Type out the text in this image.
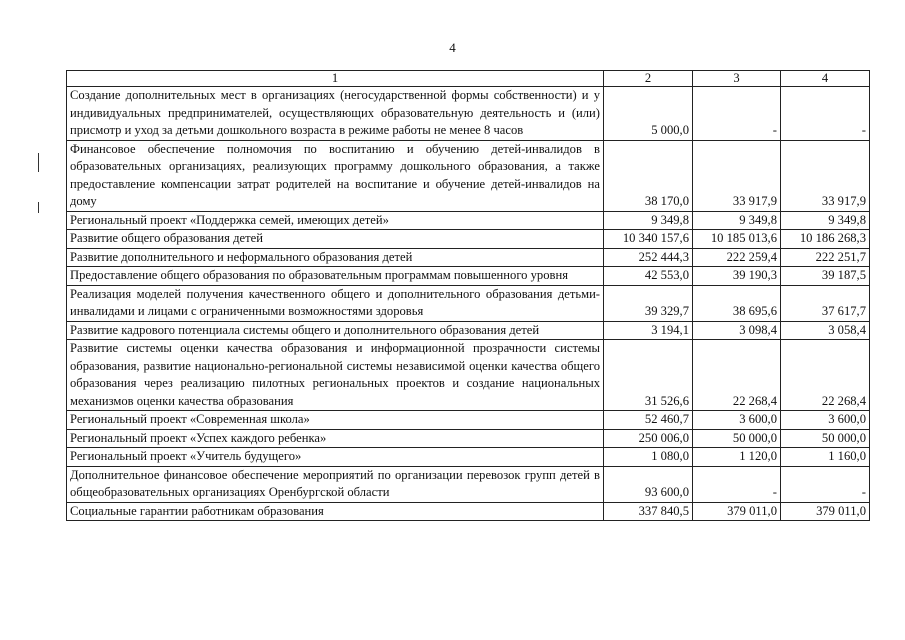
4
1	2	3	4
Создание дополнительных мест в организациях (негосударственной формы собственности) и у индивидуальных предпринимателей, осуществляющих образовательную деятельность и (или) присмотр и уход за детьми дошкольного возраста в режиме работы не менее 8 часов	5 000,0	-	-
Финансовое обеспечение полномочия по воспитанию и обучению детей-инвалидов в образовательных организациях, реализующих программу дошкольного образования, а также предоставление компенсации затрат родителей на воспитание и обучение детей-инвалидов на дому	38 170,0	33 917,9	33 917,9
Региональный проект «Поддержка семей, имеющих детей»	9 349,8	9 349,8	9 349,8
Развитие общего образования детей	10 340 157,6	10 185 013,6	10 186 268,3
Развитие дополнительного и неформального образования детей	252 444,3	222 259,4	222 251,7
Предоставление общего образования по образовательным программам повышенного уровня	42 553,0	39 190,3	39 187,5
Реализация моделей получения качественного общего и дополнительного образования детьми-инвалидами и лицами с ограниченными возможностями здоровья	39 329,7	38 695,6	37 617,7
Развитие кадрового потенциала системы общего и дополнительного образования детей	3 194,1	3 098,4	3 058,4
Развитие системы оценки качества образования и информационной прозрачности системы образования, развитие национально-региональной системы независимой оценки качества общего образования через реализацию пилотных региональных проектов и создание национальных механизмов оценки качества образования	31 526,6	22 268,4	22 268,4
Региональный проект «Современная школа»	52 460,7	3 600,0	3 600,0
Региональный проект «Успех каждого ребенка»	250 006,0	50 000,0	50 000,0
Региональный проект «Учитель будущего»	1 080,0	1 120,0	1 160,0
Дополнительное финансовое обеспечение мероприятий по организации перевозок групп детей в общеобразовательных организациях Оренбургской области	93 600,0	-	-
Социальные гарантии работникам образования	337 840,5	379 011,0	379 011,0
